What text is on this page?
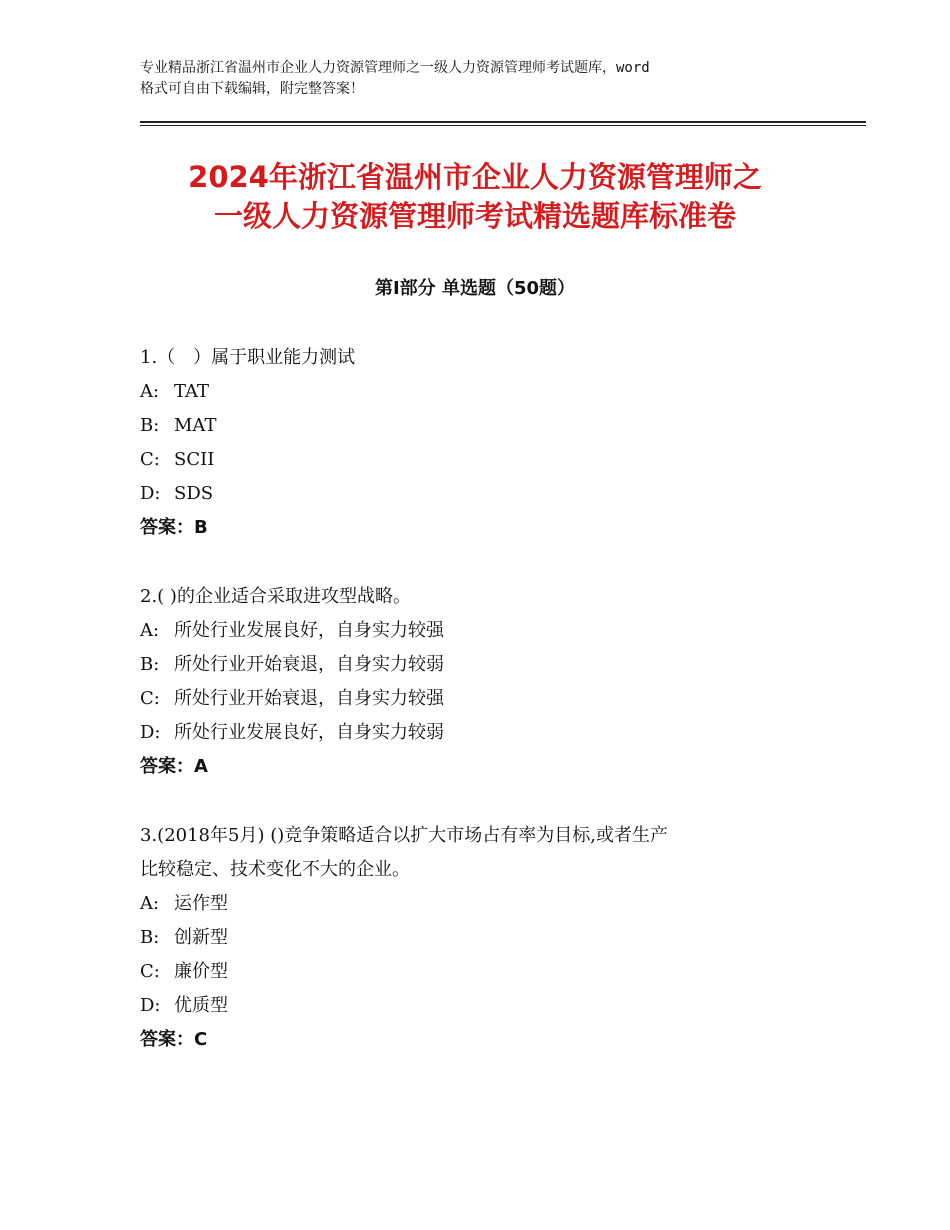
专业精品浙江省温州市企业人力资源管理师之一级人力资源管理师考试题库，word
格式可自由下载编辑，附完整答案！
2024年浙江省温州市企业人力资源管理师之
一级人力资源管理师考试精选题库标准卷
第Ⅰ部分 单选题（50题）
1.（　）属于职业能力测试
A: TAT
B: MAT
C: SCII
D: SDS
答案：B
2.( )的企业适合采取进攻型战略。
A: 所处行业发展良好，自身实力较强
B: 所处行业开始衰退，自身实力较弱
C: 所处行业开始衰退，自身实力较强
D: 所处行业发展良好，自身实力较弱
答案：A
3.(2018年5月) ()竞争策略适合以扩大市场占有率为目标,或者生产
比较稳定、技术变化不大的企业。
A: 运作型
B: 创新型
C: 廉价型
D: 优质型
答案：C
